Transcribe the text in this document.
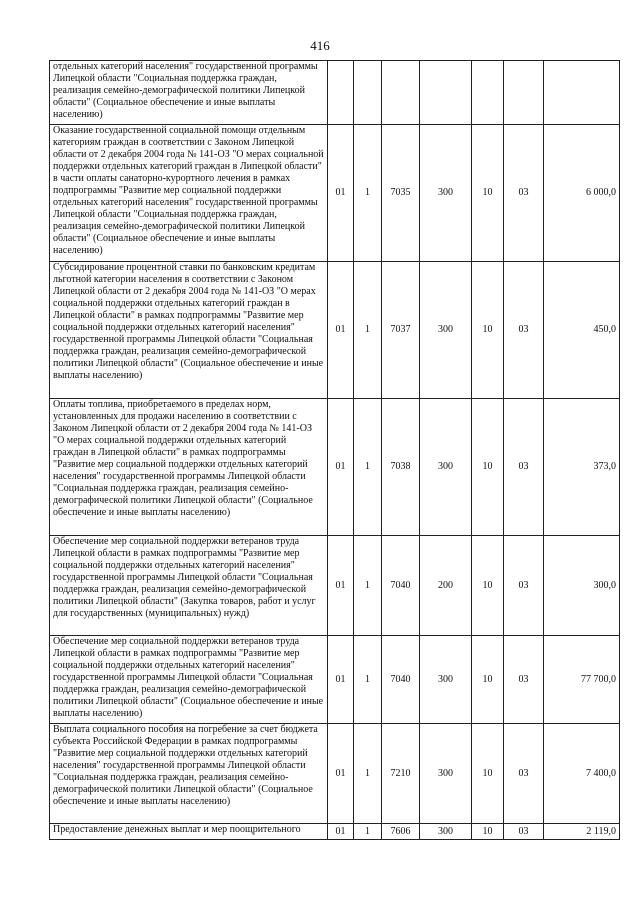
416
отдельных категорий населения" государственной программы Липецкой области "Социальная поддержка граждан, реализация семейно-демографической политики Липецкой области" (Социальное обеспечение и иные выплаты населению)							
Оказание государственной социальной помощи отдельным категориям граждан в соответствии с Законом Липецкой области от 2 декабря 2004 года № 141-ОЗ "О мерах социальной поддержки отдельных категорий граждан в Липецкой области" в части оплаты санаторно-курортного лечения в рамках подпрограммы "Развитие мер социальной поддержки отдельных категорий населения" государственной программы Липецкой области "Социальная поддержка граждан, реализация семейно-демографической политики Липецкой области" (Социальное обеспечение и иные выплаты населению)	01	1	7035	300	10	03	6 000,0
Субсидирование процентной ставки по банковским кредитам льготной категории населения в соответствии с Законом Липецкой области от 2 декабря 2004 года № 141-ОЗ "О мерах социальной поддержки отдельных категорий граждан в Липецкой области" в рамках подпрограммы "Развитие мер социальной поддержки отдельных категорий населения" государственной программы Липецкой области "Социальная поддержка граждан, реализация семейно-демографической политики Липецкой области" (Социальное обеспечение и иные выплаты населению)	01	1	7037	300	10	03	450,0
Оплаты топлива, приобретаемого в пределах норм, установленных для продажи населению в соответствии с Законом Липецкой области от 2 декабря 2004 года № 141-ОЗ "О мерах социальной поддержки отдельных категорий граждан в Липецкой области" в рамках подпрограммы "Развитие мер социальной поддержки отдельных категорий населения" государственной программы Липецкой области "Социальная поддержка граждан, реализация семейно-демографической политики Липецкой области" (Социальное обеспечение и иные выплаты населению)	01	1	7038	300	10	03	373,0
Обеспечение мер социальной поддержки ветеранов труда Липецкой области в рамках подпрограммы "Развитие мер социальной поддержки отдельных категорий населения" государственной программы Липецкой области "Социальная поддержка граждан, реализация семейно-демографической политики Липецкой области" (Закупка товаров, работ и услуг для государственных (муниципальных) нужд)	01	1	7040	200	10	03	300,0
Обеспечение мер социальной поддержки ветеранов труда Липецкой области в рамках подпрограммы "Развитие мер социальной поддержки отдельных категорий населения" государственной программы Липецкой области "Социальная поддержка граждан, реализация семейно-демографической политики Липецкой области" (Социальное обеспечение и иные выплаты населению)	01	1	7040	300	10	03	77 700,0
Выплата социального пособия на погребение за счет бюджета субъекта Российской Федерации в рамках подпрограммы "Развитие мер социальной поддержки отдельных категорий населения" государственной программы Липецкой области "Социальная поддержка граждан, реализация семейно-демографической политики Липецкой области" (Социальное обеспечение и иные выплаты населению)	01	1	7210	300	10	03	7 400,0
Предоставление денежных выплат и мер поощрительного	01	1	7606	300	10	03	2 119,0
